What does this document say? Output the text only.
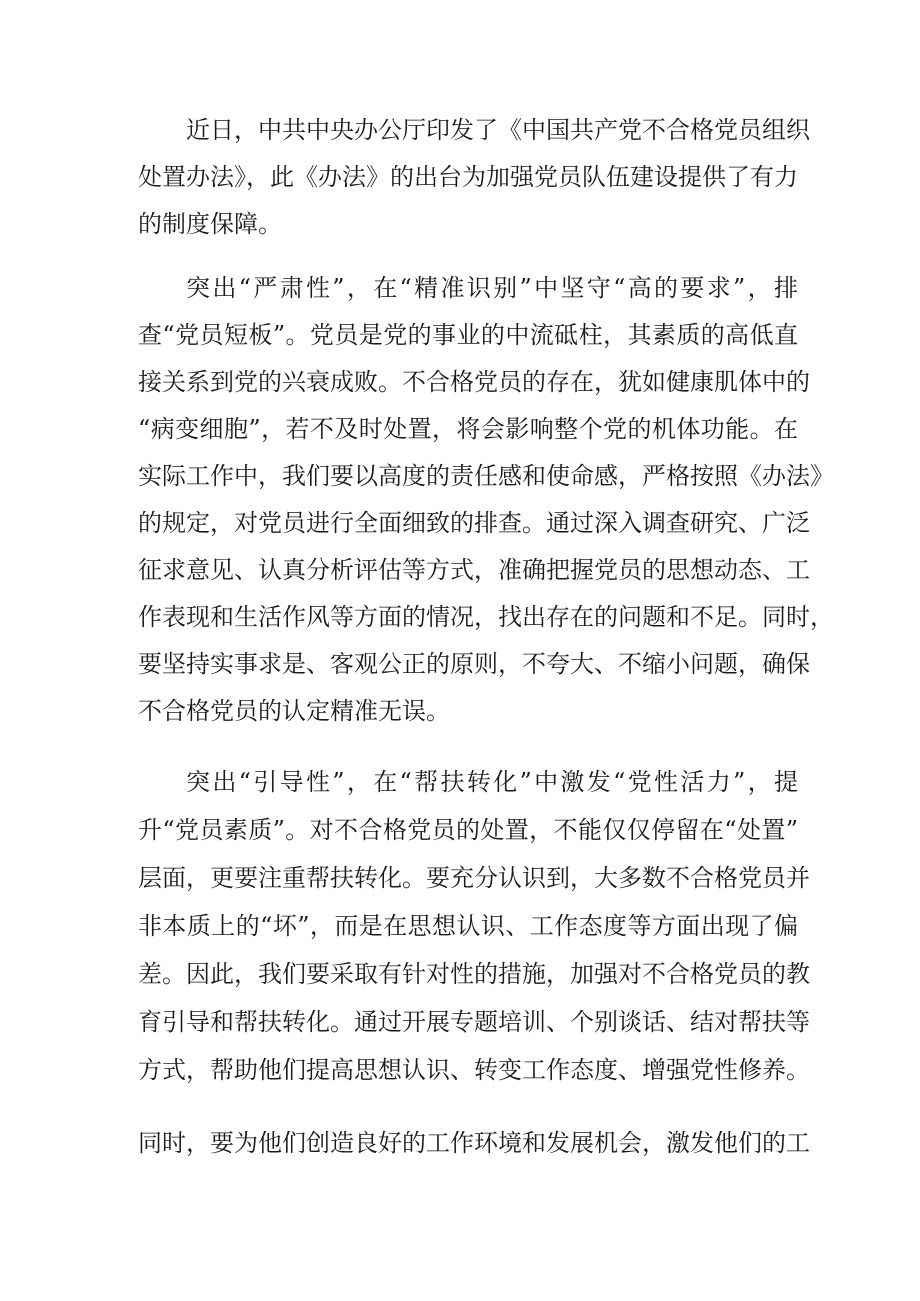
近日，中共中央办公厅印发了《中国共产党不合格党员组织
处置办法》，此《办法》的出台为加强党员队伍建设提供了有力
的制度保障。
突出“严肃性”，在“精准识别”中坚守“高的要求”，排
查“党员短板”。党员是党的事业的中流砥柱，其素质的高低直
接关系到党的兴衰成败。不合格党员的存在，犹如健康肌体中的
“病变细胞”，若不及时处置，将会影响整个党的机体功能。在
实际工作中，我们要以高度的责任感和使命感，严格按照《办法》
的规定，对党员进行全面细致的排查。通过深入调查研究、广泛
征求意见、认真分析评估等方式，准确把握党员的思想动态、工
作表现和生活作风等方面的情况，找出存在的问题和不足。同时，
要坚持实事求是、客观公正的原则，不夸大、不缩小问题，确保
不合格党员的认定精准无误。
突出“引导性”，在“帮扶转化”中激发“党性活力”，提
升“党员素质”。对不合格党员的处置，不能仅仅停留在“处置”
层面，更要注重帮扶转化。要充分认识到，大多数不合格党员并
非本质上的“坏”，而是在思想认识、工作态度等方面出现了偏
差。因此，我们要采取有针对性的措施，加强对不合格党员的教
育引导和帮扶转化。通过开展专题培训、个别谈话、结对帮扶等
方式，帮助他们提高思想认识、转变工作态度、增强党性修养。
同时，要为他们创造良好的工作环境和发展机会，激发他们的工
